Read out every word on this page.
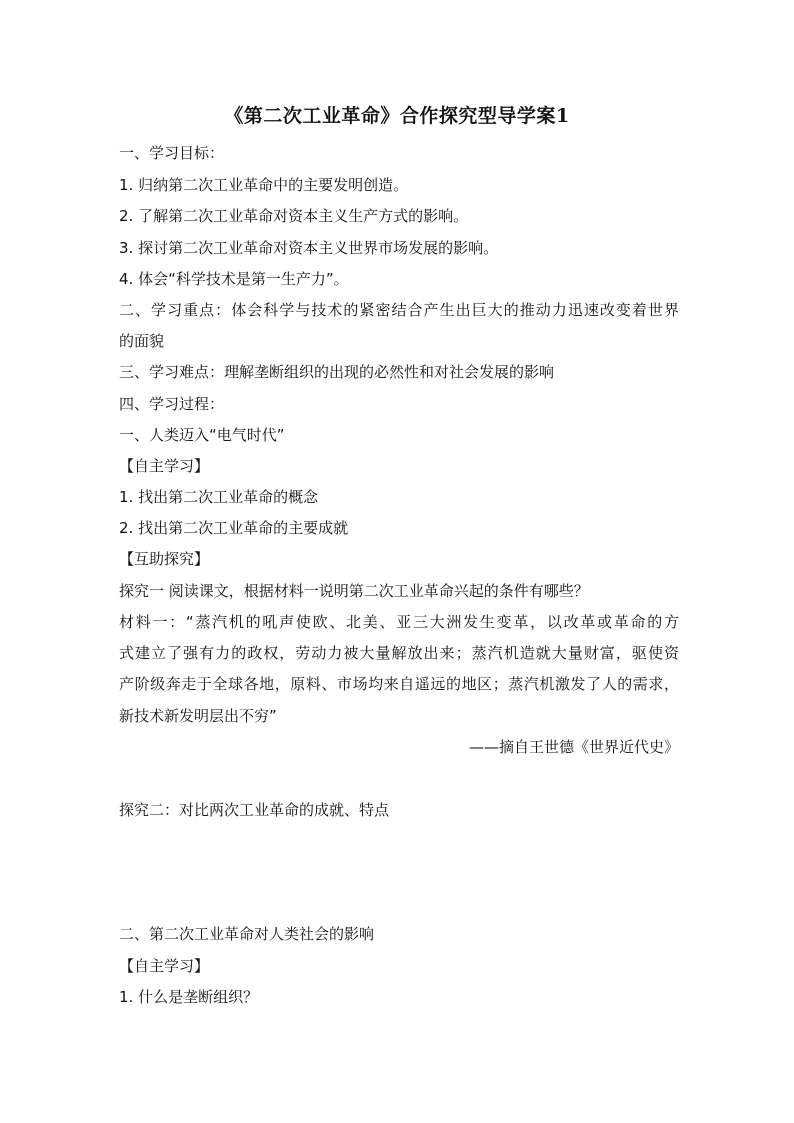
《第二次工业革命》合作探究型导学案1
一、学习目标：
1. 归纳第二次工业革命中的主要发明创造。
2. 了解第二次工业革命对资本主义生产方式的影响。
3. 探讨第二次工业革命对资本主义世界市场发展的影响。
4. 体会“科学技术是第一生产力”。
二、学习重点：体会科学与技术的紧密结合产生出巨大的推动力迅速改变着世界
的面貌
三、学习难点：理解垄断组织的出现的必然性和对社会发展的影响
四、学习过程：
一、人类迈入“电气时代”
【自主学习】
1. 找出第二次工业革命的概念
2. 找出第二次工业革命的主要成就
【互助探究】
探究一 阅读课文，根据材料一说明第二次工业革命兴起的条件有哪些？
材料一：“蒸汽机的吼声使欧、北美、亚三大洲发生变革，以改革或革命的方
式建立了强有力的政权，劳动力被大量解放出来；蒸汽机造就大量财富，驱使资
产阶级奔走于全球各地，原料、市场均来自遥远的地区；蒸汽机激发了人的需求，
新技术新发明层出不穷”
——摘自王世德《世界近代史》
探究二：对比两次工业革命的成就、特点
二、第二次工业革命对人类社会的影响
【自主学习】
1. 什么是垄断组织？
